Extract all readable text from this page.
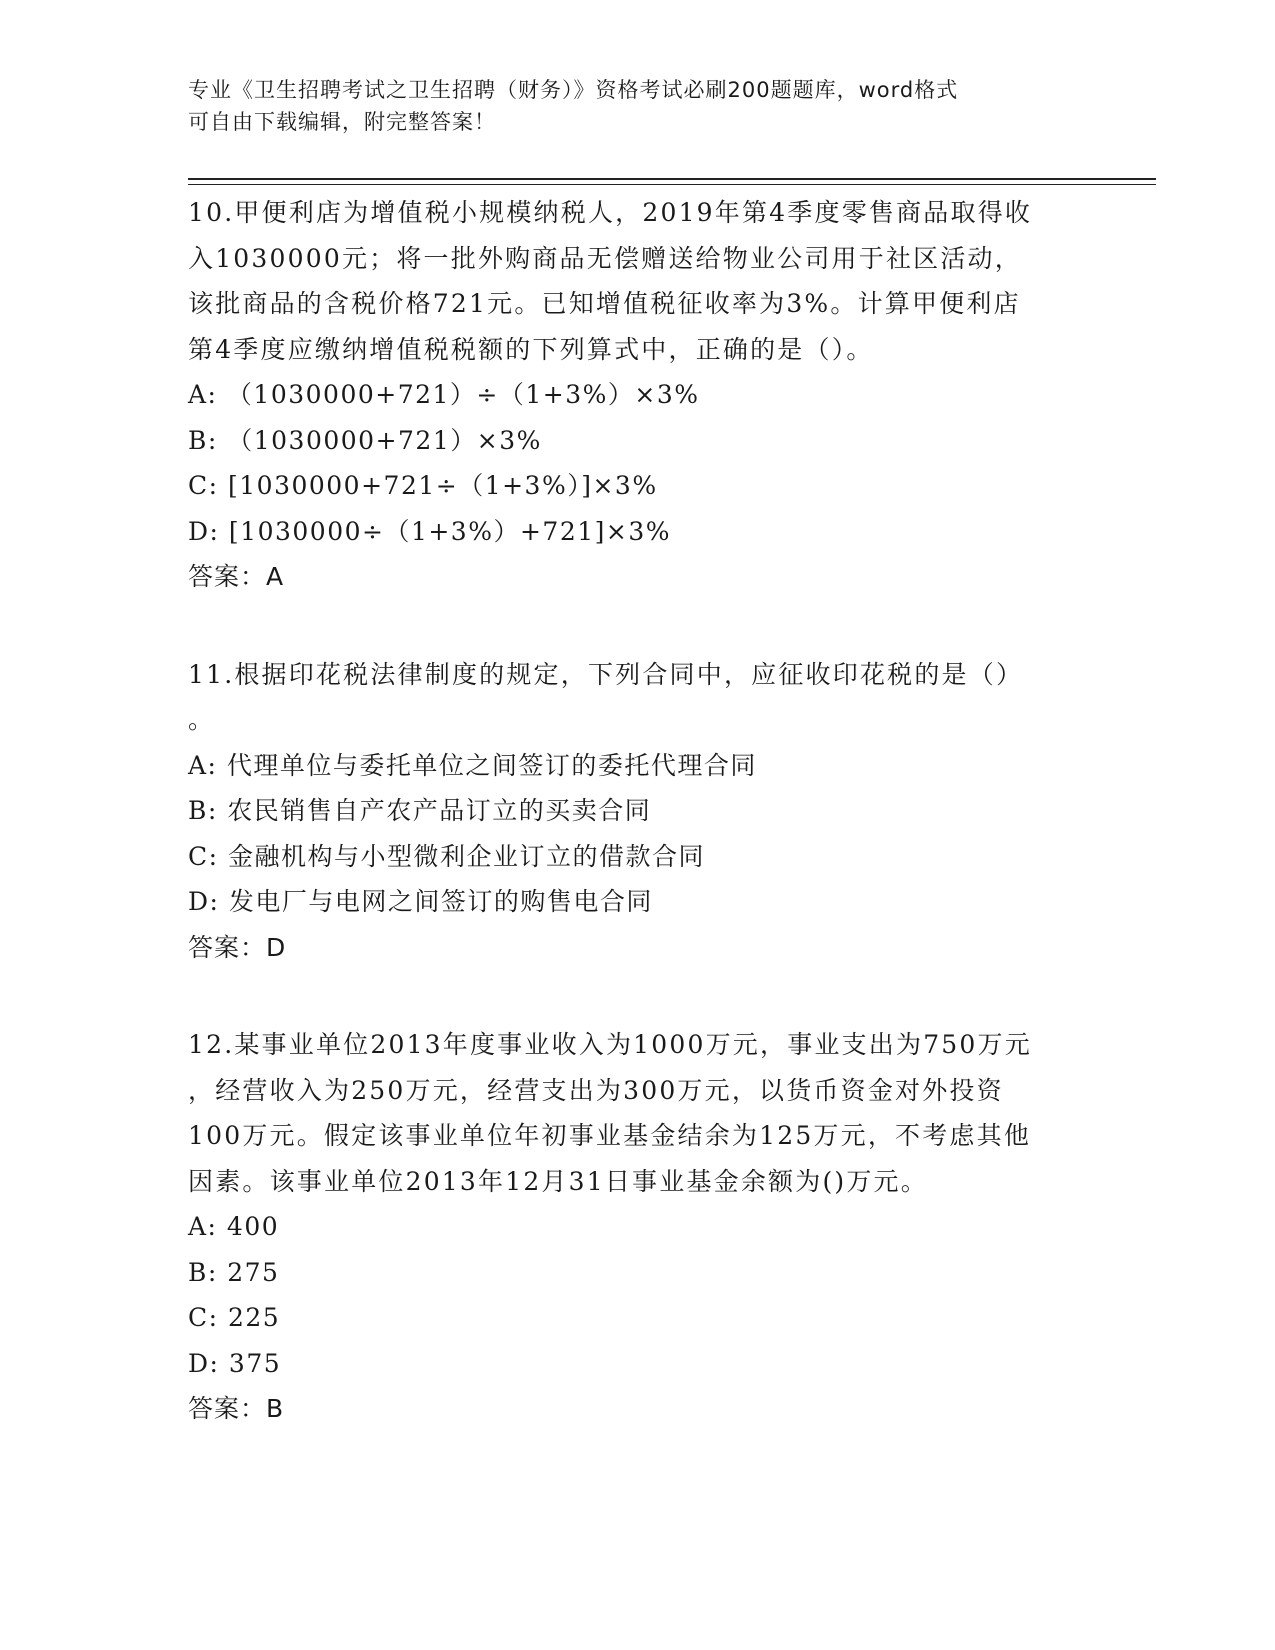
专业《卫生招聘考试之卫生招聘（财务）》资格考试必刷200题题库，word格式

可自由下载编辑，附完整答案！

10.甲便利店为增值税小规模纳税人，2019年第4季度零售商品取得收

入1030000元；将一批外购商品无偿赠送给物业公司用于社区活动，

该批商品的含税价格721元。已知增值税征收率为3%。计算甲便利店

第4季度应缴纳增值税税额的下列算式中，正确的是（）。

A: （1030000+721）÷（1+3%）×3%

B: （1030000+721）×3%

C: [1030000+721÷（1+3%）]×3%

D: [1030000÷（1+3%）+721]×3%

答案：A

11.根据印花税法律制度的规定，下列合同中，应征收印花税的是（）

。

A: 代理单位与委托单位之间签订的委托代理合同

B: 农民销售自产农产品订立的买卖合同

C: 金融机构与小型微利企业订立的借款合同

D: 发电厂与电网之间签订的购售电合同

答案：D

12.某事业单位2013年度事业收入为1000万元，事业支出为750万元

，经营收入为250万元，经营支出为300万元，以货币资金对外投资

100万元。假定该事业单位年初事业基金结余为125万元，不考虑其他

因素。该事业单位2013年12月31日事业基金余额为()万元。

A: 400

B: 275

C: 225

D: 375

答案：B
